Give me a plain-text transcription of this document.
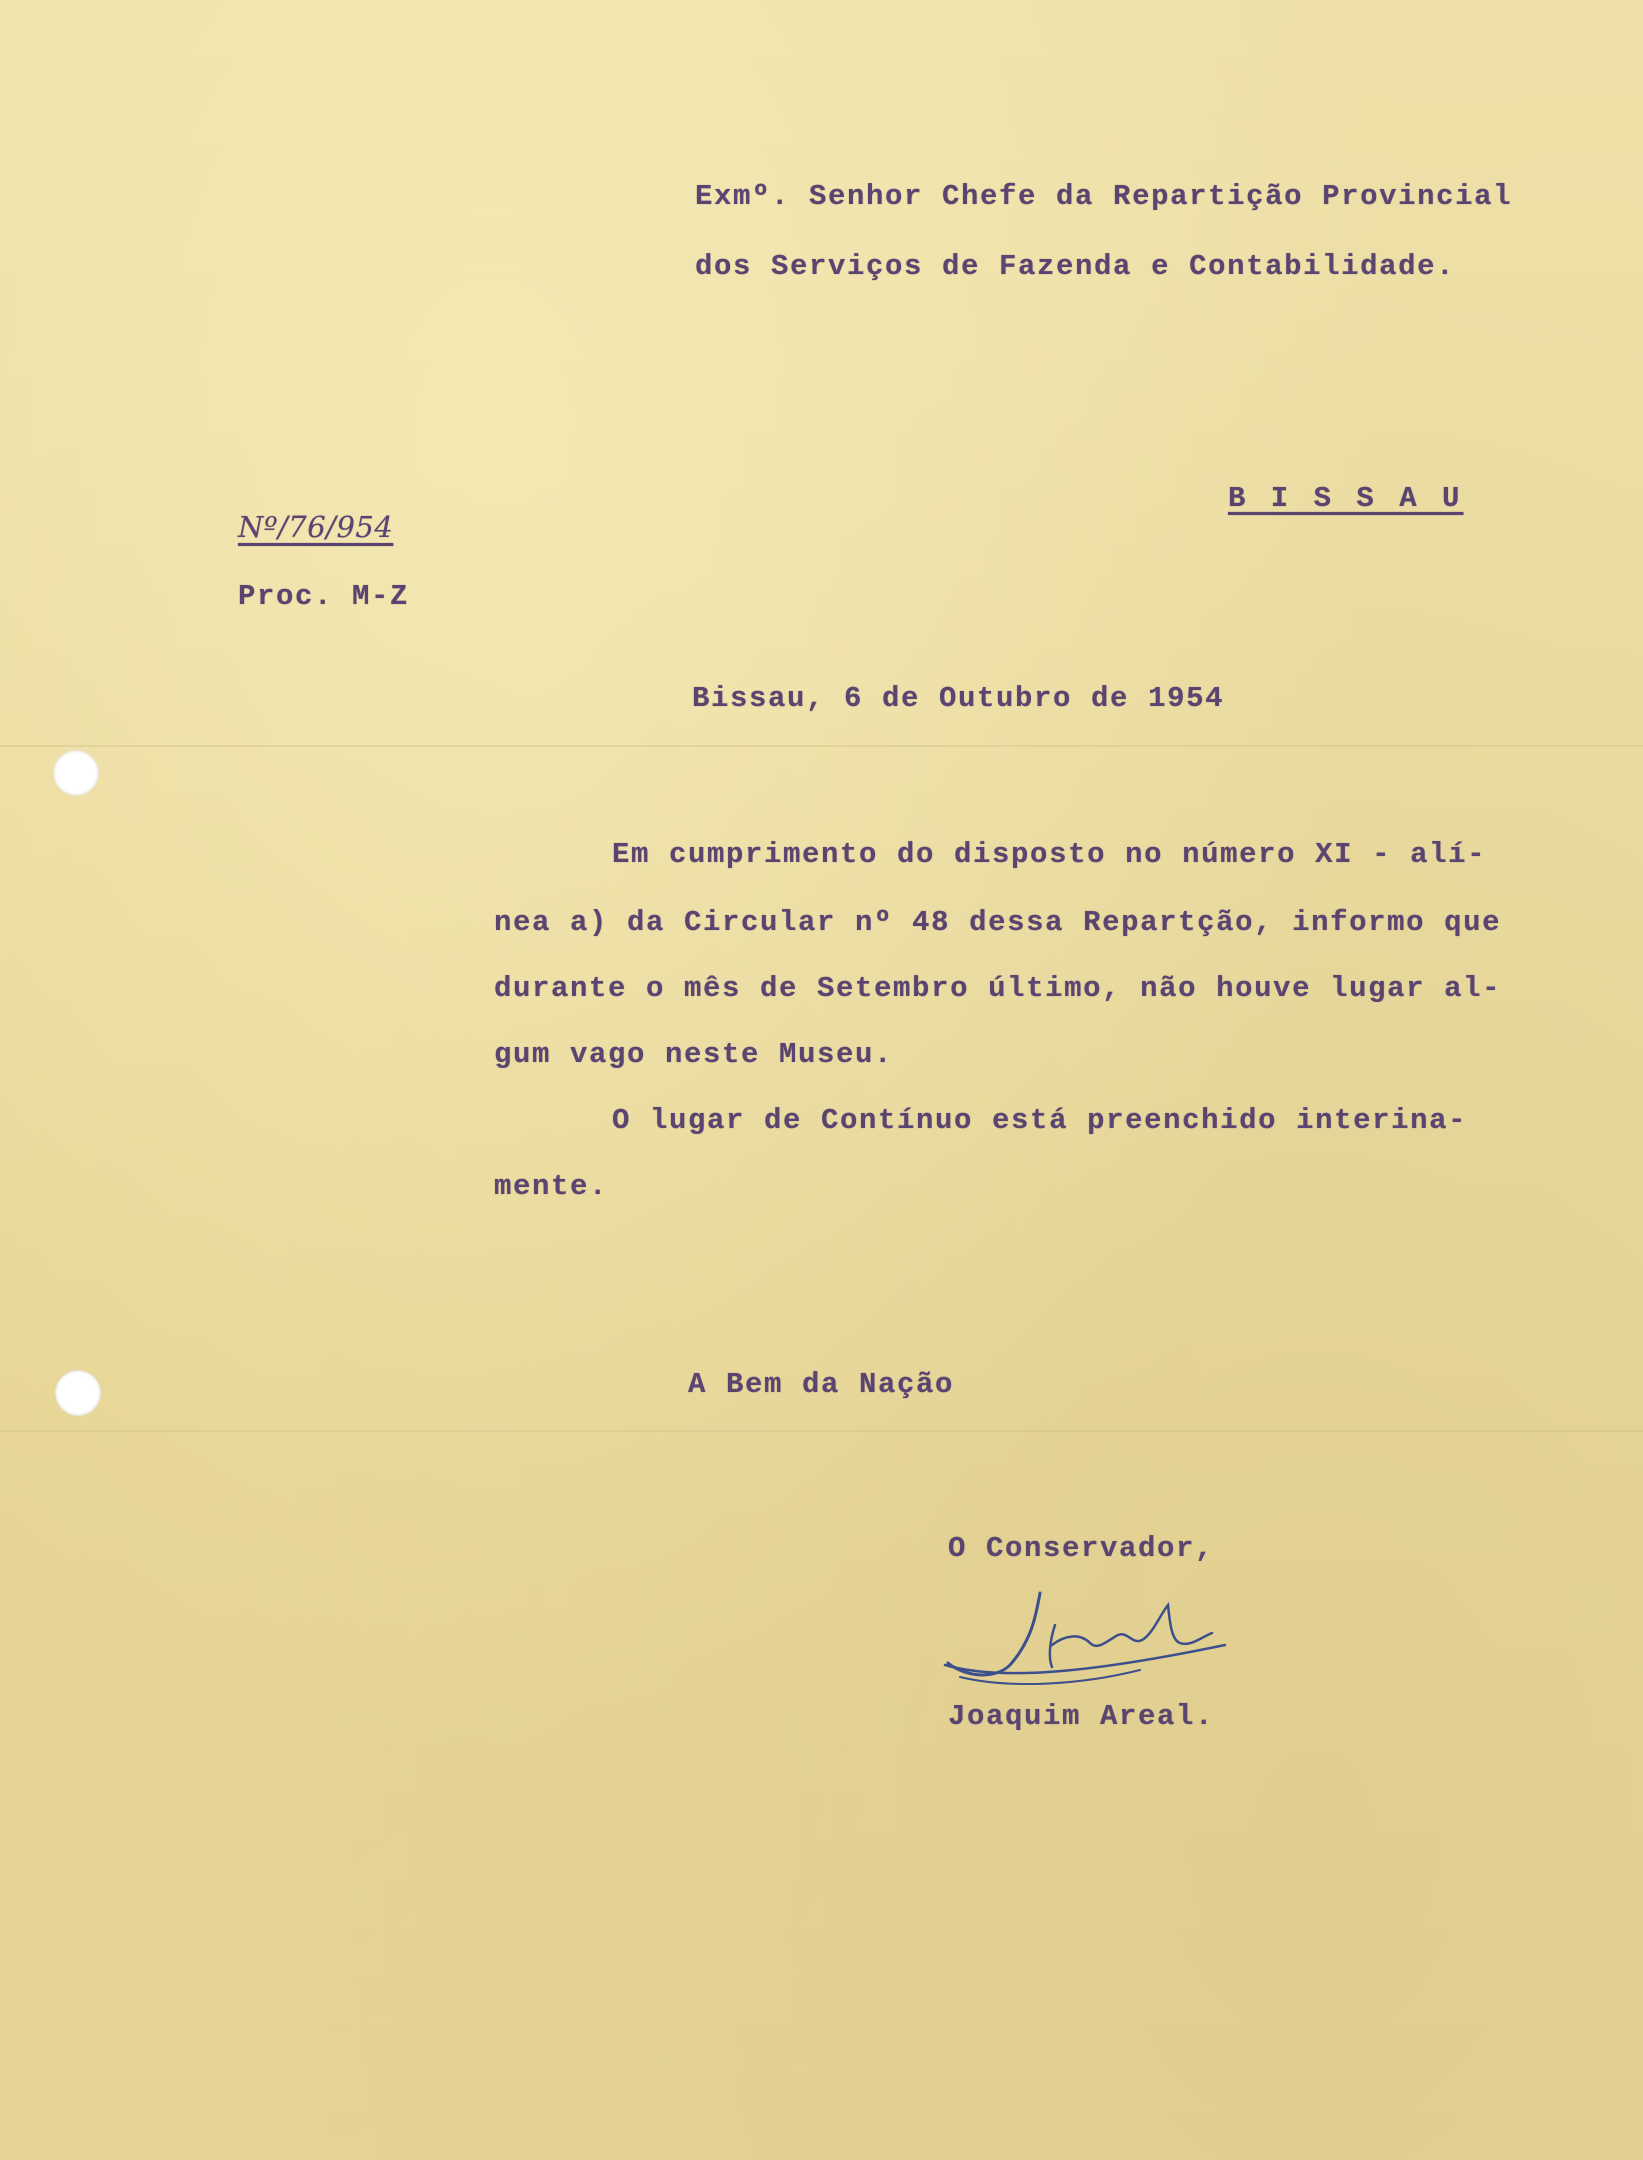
Exmº. Senhor Chefe da Repartição Provincial
dos Serviços de Fazenda e Contabilidade.
B I S S A U
Nº/76/954
Proc. M-Z
Bissau, 6 de Outubro de 1954
Em cumprimento do disposto no número XI - alí-
nea a) da Circular nº 48 dessa Repartção, informo que
durante o mês de Setembro último, não houve lugar al-
gum vago neste Museu.
O lugar de Contínuo está preenchido interina-
mente.
A Bem da Nação
O Conservador,
Joaquim Areal.
